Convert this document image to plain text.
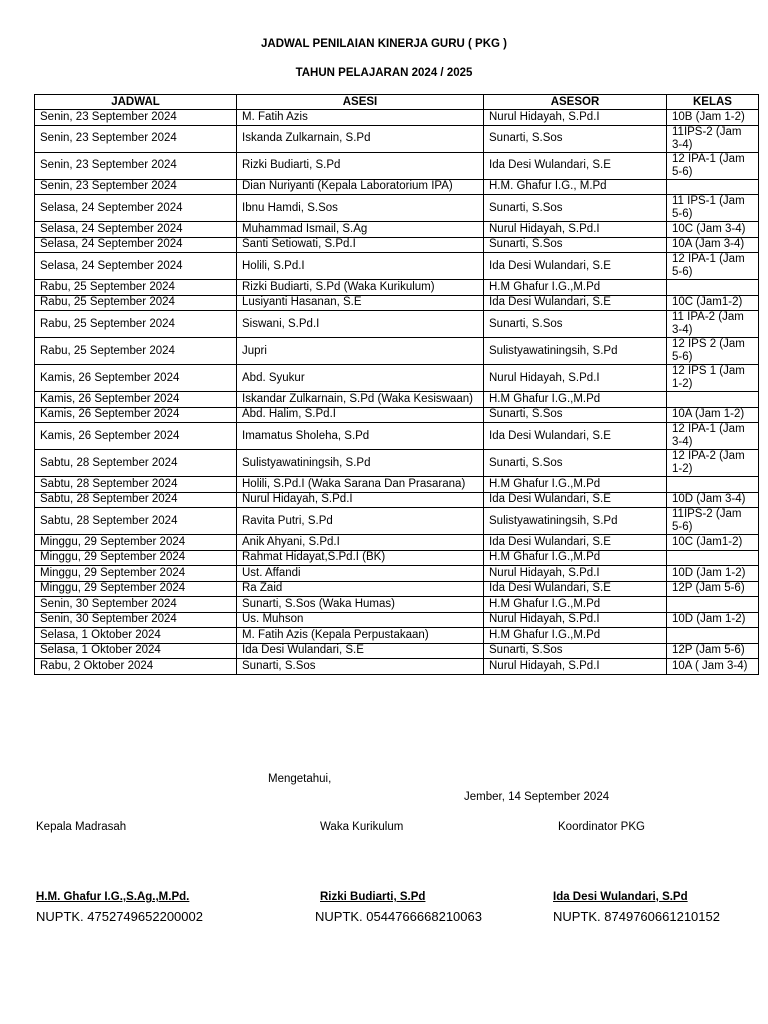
JADWAL PENILAIAN KINERJA GURU ( PKG )
TAHUN PELAJARAN 2024 / 2025
JADWAL	ASESI	ASESOR	KELAS
Senin, 23 September 2024	M. Fatih Azis	Nurul Hidayah, S.Pd.I	10B (Jam 1-2)
Senin, 23 September 2024	Iskanda Zulkarnain, S.Pd	Sunarti, S.Sos	11IPS-2 (Jam 3-4)
Senin, 23 September 2024	Rizki Budiarti, S.Pd	Ida Desi Wulandari, S.E	12 IPA-1 (Jam 5-6)
Senin, 23 September 2024	Dian Nuriyanti (Kepala Laboratorium IPA)	H.M. Ghafur I.G., M.Pd	
Selasa, 24 September 2024	Ibnu Hamdi, S.Sos	Sunarti, S.Sos	11 IPS-1 (Jam 5-6)
Selasa, 24 September 2024	Muhammad Ismail, S.Ag	Nurul Hidayah, S.Pd.I	10C (Jam 3-4)
Selasa, 24 September 2024	Santi Setiowati, S.Pd.I	Sunarti, S.Sos	10A (Jam 3-4)
Selasa, 24 September 2024	Holili, S.Pd.I	Ida Desi Wulandari, S.E	12 IPA-1 (Jam 5-6)
Rabu, 25 September 2024	Rizki Budiarti, S.Pd (Waka Kurikulum)	H.M Ghafur I.G.,M.Pd	
Rabu, 25 September 2024	Lusiyanti Hasanan, S.E	Ida Desi Wulandari, S.E	10C (Jam1-2)
Rabu, 25 September 2024	Siswani, S.Pd.I	Sunarti, S.Sos	11 IPA-2 (Jam 3-4)
Rabu, 25 September 2024	Jupri	Sulistyawatiningsih, S.Pd	12 IPS 2 (Jam 5-6)
Kamis, 26 September 2024	Abd. Syukur	Nurul Hidayah, S.Pd.I	12 IPS 1 (Jam 1-2)
Kamis, 26 September 2024	Iskandar Zulkarnain, S.Pd (Waka Kesiswaan)	H.M Ghafur I.G.,M.Pd	
Kamis, 26 September 2024	Abd. Halim, S.Pd.I	Sunarti, S.Sos	10A (Jam 1-2)
Kamis, 26 September 2024	Imamatus Sholeha, S.Pd	Ida Desi Wulandari, S.E	12 IPA-1 (Jam 3-4)
Sabtu, 28 September 2024	Sulistyawatiningsih, S.Pd	Sunarti, S.Sos	12 IPA-2 (Jam 1-2)
Sabtu, 28 September 2024	Holili, S.Pd.I (Waka Sarana Dan Prasarana)	H.M Ghafur I.G.,M.Pd	
Sabtu, 28 September 2024	Nurul Hidayah, S.Pd.I	Ida Desi Wulandari, S.E	10D (Jam 3-4)
Sabtu, 28 September 2024	Ravita Putri, S.Pd	Sulistyawatiningsih, S.Pd	11IPS-2 (Jam 5-6)
Minggu, 29 September 2024	Anik Ahyani, S.Pd.I	Ida Desi Wulandari, S.E	10C (Jam1-2)
Minggu, 29 September 2024	Rahmat Hidayat,S.Pd.I (BK)	H.M Ghafur I.G.,M.Pd	
Minggu, 29 September 2024	Ust. Affandi	Nurul Hidayah, S.Pd.I	10D (Jam 1-2)
Minggu, 29 September 2024	Ra Zaid	Ida Desi Wulandari, S.E	12P (Jam 5-6)
Senin, 30 September 2024	Sunarti, S.Sos (Waka Humas)	H.M Ghafur I.G.,M.Pd	
Senin, 30 September 2024	Us. Muhson	Nurul Hidayah, S.Pd.I	10D (Jam 1-2)
Selasa, 1 Oktober 2024	M. Fatih Azis (Kepala Perpustakaan)	H.M Ghafur I.G.,M.Pd	
Selasa, 1 Oktober 2024	Ida Desi Wulandari, S.E	Sunarti, S.Sos	12P (Jam 5-6)
Rabu, 2 Oktober 2024	Sunarti, S.Sos	Nurul Hidayah, S.Pd.I	10A ( Jam 3-4)
Mengetahui,
Jember, 14 September 2024
Kepala Madrasah	Waka Kurikulum	Koordinator PKG
H.M. Ghafur I.G.,S.Ag.,M.Pd.	Rizki Budiarti, S.Pd	Ida Desi Wulandari, S.Pd
NUPTK. 4752749652200002	NUPTK. 0544766668210063	NUPTK. 8749760661210152
